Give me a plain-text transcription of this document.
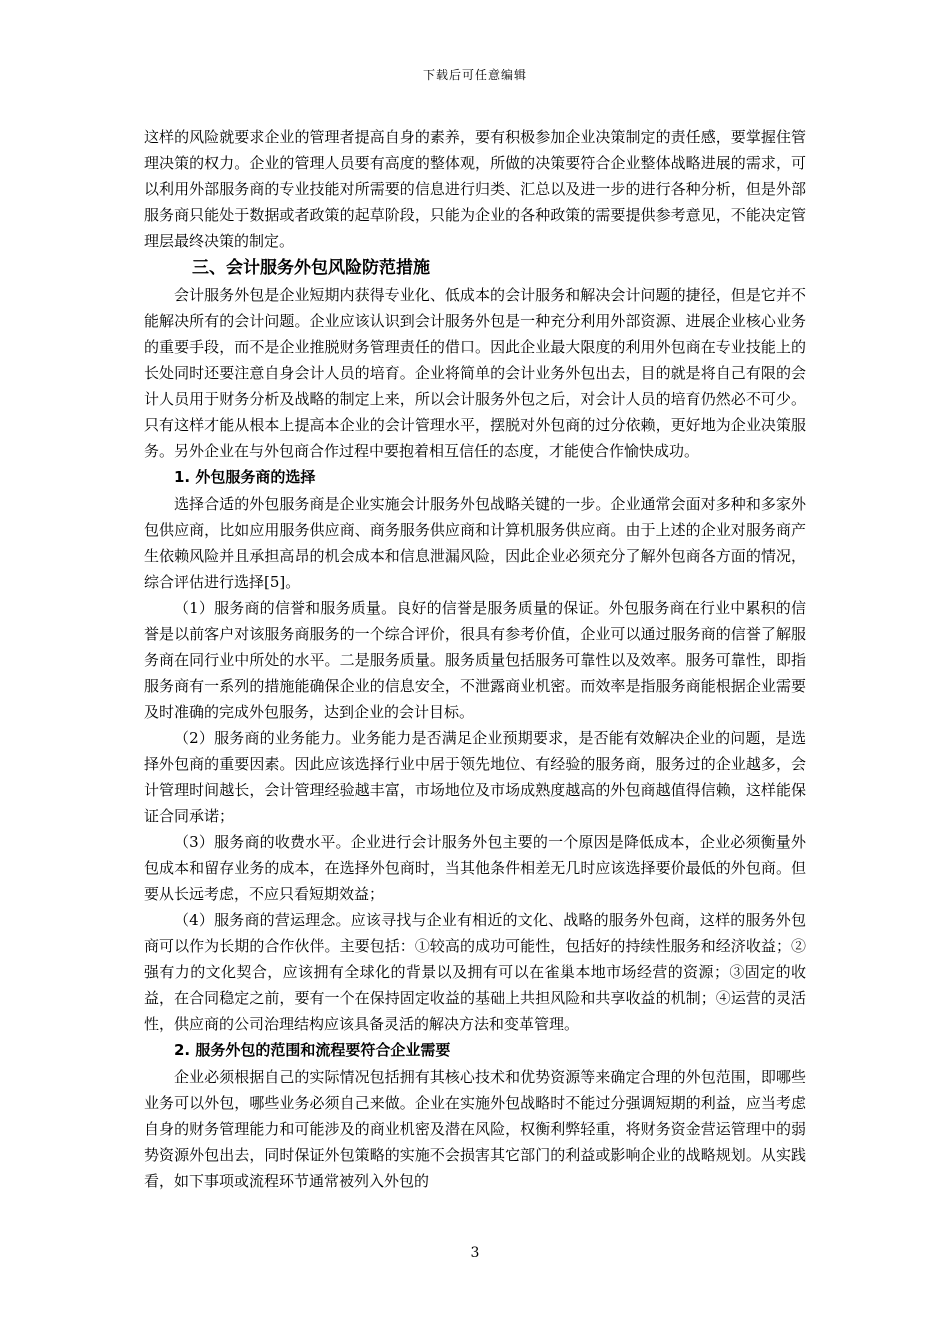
下载后可任意编辑

这样的风险就要求企业的管理者提高自身的素养，要有积极参加企业决策制定的责任感，要掌握住管理决策的权力。企业的管理人员要有高度的整体观，所做的决策要符合企业整体战略进展的需求，可以利用外部服务商的专业技能对所需要的信息进行归类、汇总以及进一步的进行各种分析，但是外部服务商只能处于数据或者政策的起草阶段，只能为企业的各种政策的需要提供参考意见，不能决定管理层最终决策的制定。

三、会计服务外包风险防范措施

会计服务外包是企业短期内获得专业化、低成本的会计服务和解决会计问题的捷径，但是它并不能解决所有的会计问题。企业应该认识到会计服务外包是一种充分利用外部资源、进展企业核心业务的重要手段，而不是企业推脱财务管理责任的借口。因此企业最大限度的利用外包商在专业技能上的长处同时还要注意自身会计人员的培育。企业将简单的会计业务外包出去，目的就是将自己有限的会计人员用于财务分析及战略的制定上来，所以会计服务外包之后，对会计人员的培育仍然必不可少。只有这样才能从根本上提高本企业的会计管理水平，摆脱对外包商的过分依赖，更好地为企业决策服务。另外企业在与外包商合作过程中要抱着相互信任的态度，才能使合作愉快成功。

1. 外包服务商的选择

选择合适的外包服务商是企业实施会计服务外包战略关键的一步。企业通常会面对多种和多家外包供应商，比如应用服务供应商、商务服务供应商和计算机服务供应商。由于上述的企业对服务商产生依赖风险并且承担高昂的机会成本和信息泄漏风险，因此企业必须充分了解外包商各方面的情况，综合评估进行选择[5]。

（1）服务商的信誉和服务质量。良好的信誉是服务质量的保证。外包服务商在行业中累积的信誉是以前客户对该服务商服务的一个综合评价，很具有参考价值，企业可以通过服务商的信誉了解服务商在同行业中所处的水平。二是服务质量。服务质量包括服务可靠性以及效率。服务可靠性，即指服务商有一系列的措施能确保企业的信息安全，不泄露商业机密。而效率是指服务商能根据企业需要及时准确的完成外包服务，达到企业的会计目标。

（2）服务商的业务能力。业务能力是否满足企业预期要求，是否能有效解决企业的问题，是选择外包商的重要因素。因此应该选择行业中居于领先地位、有经验的服务商，服务过的企业越多，会计管理时间越长，会计管理经验越丰富，市场地位及市场成熟度越高的外包商越值得信赖，这样能保证合同承诺；

（3）服务商的收费水平。企业进行会计服务外包主要的一个原因是降低成本，企业必须衡量外包成本和留存业务的成本，在选择外包商时，当其他条件相差无几时应该选择要价最低的外包商。但要从长远考虑，不应只看短期效益；

（4）服务商的营运理念。应该寻找与企业有相近的文化、战略的服务外包商，这样的服务外包商可以作为长期的合作伙伴。主要包括：①较高的成功可能性，包括好的持续性服务和经济收益；②强有力的文化契合，应该拥有全球化的背景以及拥有可以在雀巢本地市场经营的资源；③固定的收益，在合同稳定之前，要有一个在保持固定收益的基础上共担风险和共享收益的机制；④运营的灵活性，供应商的公司治理结构应该具备灵活的解决方法和变革管理。

2. 服务外包的范围和流程要符合企业需要

企业必须根据自己的实际情况包括拥有其核心技术和优势资源等来确定合理的外包范围，即哪些业务可以外包，哪些业务必须自己来做。企业在实施外包战略时不能过分强调短期的利益，应当考虑自身的财务管理能力和可能涉及的商业机密及潜在风险，权衡利弊轻重，将财务资金营运管理中的弱势资源外包出去，同时保证外包策略的实施不会损害其它部门的利益或影响企业的战略规划。从实践看，如下事项或流程环节通常被列入外包的

3
